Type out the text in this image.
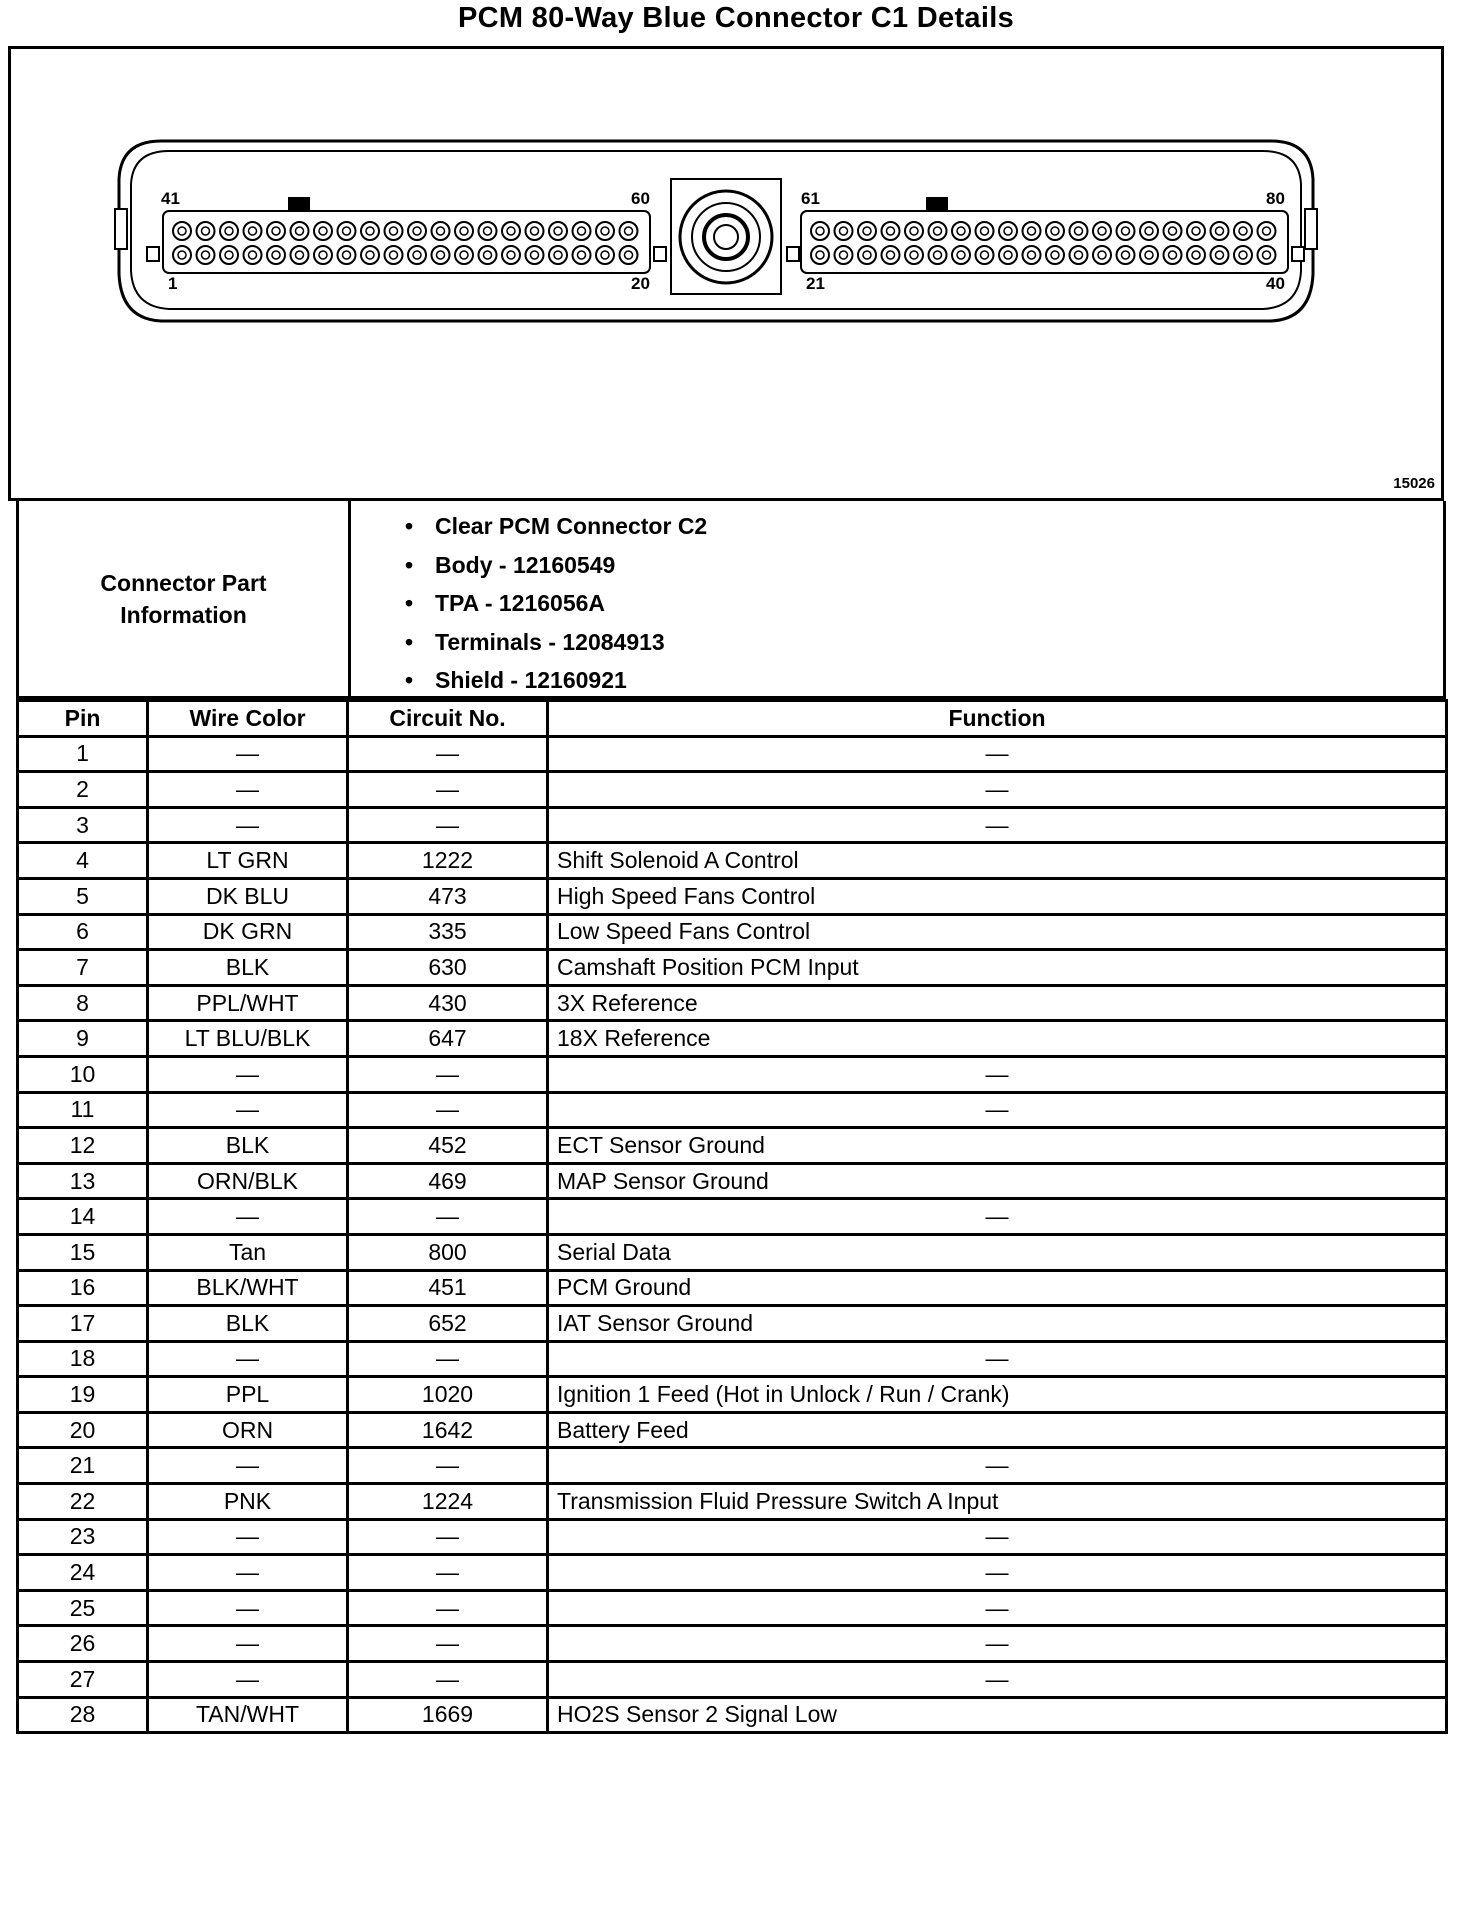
PCM 80-Way Blue Connector C1 Details
41	60
1	20
61	80
21	40
15026
Connector Part Information
• Clear PCM Connector C2
• Body - 12160549
• TPA - 1216056A
• Terminals - 12084913
• Shield - 12160921
Pin	Wire Color	Circuit No.	Function
1	—	—	—
2	—	—	—
3	—	—	—
4	LT GRN	1222	Shift Solenoid A Control
5	DK BLU	473	High Speed Fans Control
6	DK GRN	335	Low Speed Fans Control
7	BLK	630	Camshaft Position PCM Input
8	PPL/WHT	430	3X Reference
9	LT BLU/BLK	647	18X Reference
10	—	—	—
11	—	—	—
12	BLK	452	ECT Sensor Ground
13	ORN/BLK	469	MAP Sensor Ground
14	—	—	—
15	Tan	800	Serial Data
16	BLK/WHT	451	PCM Ground
17	BLK	652	IAT Sensor Ground
18	—	—	—
19	PPL	1020	Ignition 1 Feed (Hot in Unlock / Run / Crank)
20	ORN	1642	Battery Feed
21	—	—	—
22	PNK	1224	Transmission Fluid Pressure Switch A Input
23	—	—	—
24	—	—	—
25	—	—	—
26	—	—	—
27	—	—	—
28	TAN/WHT	1669	HO2S Sensor 2 Signal Low
